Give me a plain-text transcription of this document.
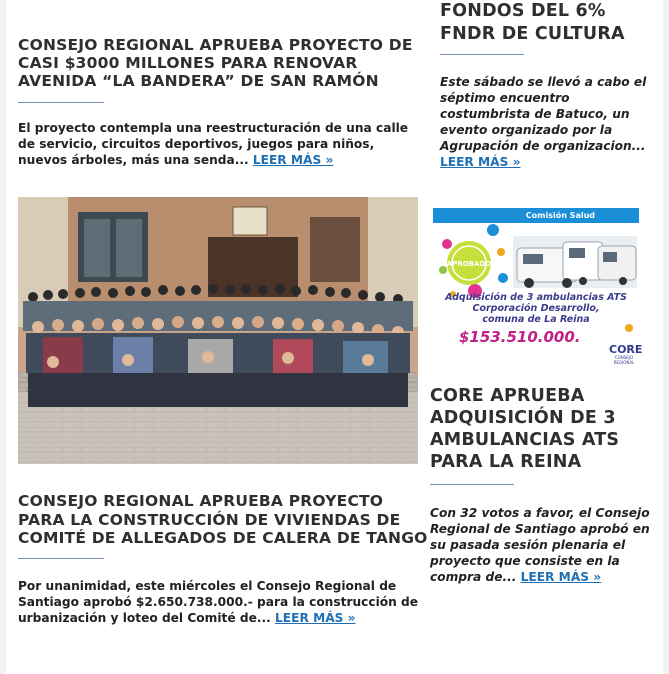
CONSEJO REGIONAL APRUEBA PROYECTO DE CASI $3000 MILLONES PARA RENOVAR AVENIDA “LA BANDERA” DE SAN RAMÓN

El proyecto contempla una reestructuración de una calle de servicio, circuitos deportivos, juegos para niños, nuevos árboles, más una senda... LEER MÁS »

CONSEJO REGIONAL APRUEBA PROYECTO PARA LA CONSTRUCCIÓN DE VIVIENDAS DE COMITÉ DE ALLEGADOS DE CALERA DE TANGO

Por unanimidad, este miércoles el Consejo Regional de Santiago aprobó $2.650.738.000.- para la construcción de urbanización y loteo del Comité de... LEER MÁS »

FONDOS DEL 6% FNDR DE CULTURA

Este sábado se llevó a cabo el séptimo encuentro costumbrista de Batuco, un evento organizado por la Agrupación de organizacion... LEER MÁS »

Comisión Salud
APROBADO
Adquisición de 3 ambulancias ATS
Corporación Desarrollo,
comuna de La Reina
$153.510.000.
CORE
CONSEJO REGIONAL
CORE APRUEBA ADQUISICIÓN DE 3 AMBULANCIAS ATS PARA LA REINA

Con 32 votos a favor, el Consejo Regional de Santiago aprobó en su pasada sesión plenaria el proyecto que consiste en la compra de... LEER MÁS »
